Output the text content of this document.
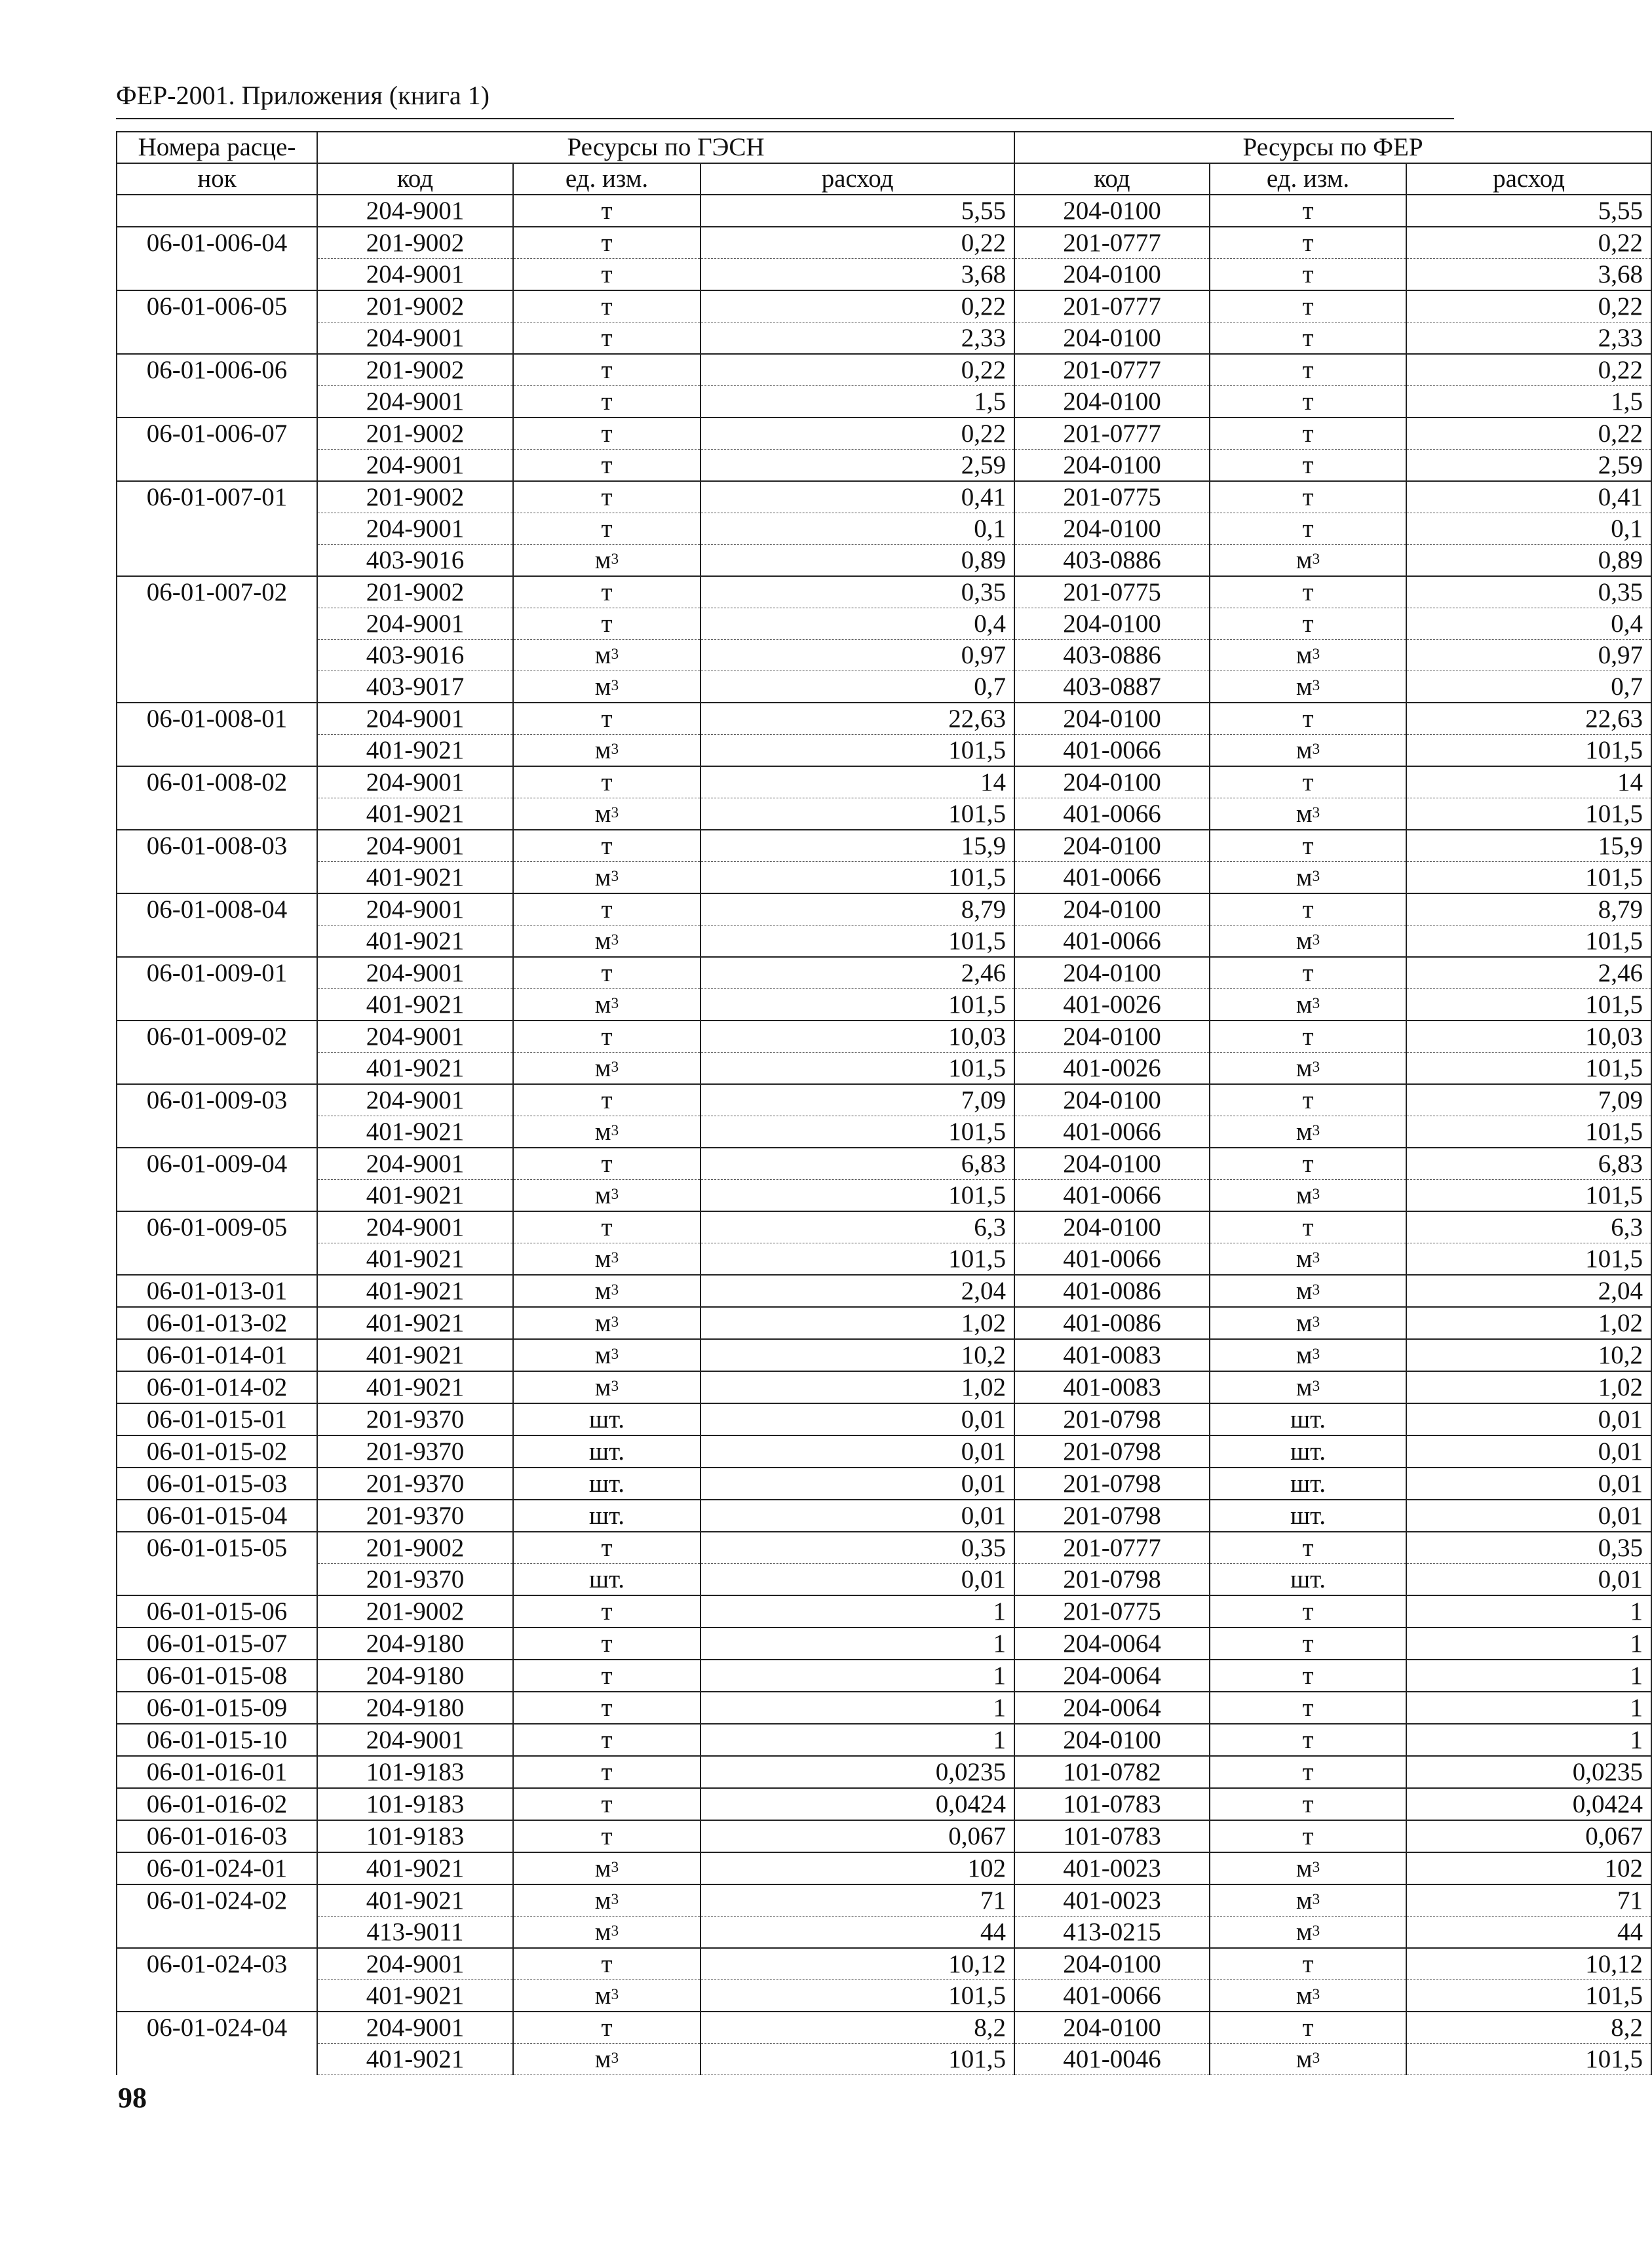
ФЕР-2001. Приложения (книга 1)
Номера расце-	Ресурсы по ГЭСН			Ресурсы по ФЕР		
нок	код	ед. изм.	расход	код	ед. изм.	расход
	204-9001	т	5,55	204-0100	т	5,55
06-01-006-04	201-9002	т	0,22	201-0777	т	0,22
	204-9001	т	3,68	204-0100	т	3,68
06-01-006-05	201-9002	т	0,22	201-0777	т	0,22
	204-9001	т	2,33	204-0100	т	2,33
06-01-006-06	201-9002	т	0,22	201-0777	т	0,22
	204-9001	т	1,5	204-0100	т	1,5
06-01-006-07	201-9002	т	0,22	201-0777	т	0,22
	204-9001	т	2,59	204-0100	т	2,59
06-01-007-01	201-9002	т	0,41	201-0775	т	0,41
	204-9001	т	0,1	204-0100	т	0,1
	403-9016	$м^3$	0,89	403-0886	$м^3$	0,89
06-01-007-02	201-9002	т	0,35	201-0775	т	0,35
	204-9001	т	0,4	204-0100	т	0,4
	403-9016	$м^3$	0,97	403-0886	$м^3$	0,97
	403-9017	$м^3$	0,7	403-0887	$м^3$	0,7
06-01-008-01	204-9001	т	22,63	204-0100	т	22,63
	401-9021	$м^3$	101,5	401-0066	$м^3$	101,5
06-01-008-02	204-9001	т	14	204-0100	т	14
	401-9021	$м^3$	101,5	401-0066	$м^3$	101,5
06-01-008-03	204-9001	т	15,9	204-0100	т	15,9
	401-9021	$м^3$	101,5	401-0066	$м^3$	101,5
06-01-008-04	204-9001	т	8,79	204-0100	т	8,79
	401-9021	$м^3$	101,5	401-0066	$м^3$	101,5
06-01-009-01	204-9001	т	2,46	204-0100	т	2,46
	401-9021	$м^3$	101,5	401-0026	$м^3$	101,5
06-01-009-02	204-9001	т	10,03	204-0100	т	10,03
	401-9021	$м^3$	101,5	401-0026	$м^3$	101,5
06-01-009-03	204-9001	т	7,09	204-0100	т	7,09
	401-9021	$м^3$	101,5	401-0066	$м^3$	101,5
06-01-009-04	204-9001	т	6,83	204-0100	т	6,83
	401-9021	$м^3$	101,5	401-0066	$м^3$	101,5
06-01-009-05	204-9001	т	6,3	204-0100	т	6,3
	401-9021	$м^3$	101,5	401-0066	$м^3$	101,5
06-01-013-01	401-9021	$м^3$	2,04	401-0086	$м^3$	2,04
06-01-013-02	401-9021	$м^3$	1,02	401-0086	$м^3$	1,02
06-01-014-01	401-9021	$м^3$	10,2	401-0083	$м^3$	10,2
06-01-014-02	401-9021	$м^3$	1,02	401-0083	$м^3$	1,02
06-01-015-01	201-9370	шт.	0,01	201-0798	шт.	0,01
06-01-015-02	201-9370	шт.	0,01	201-0798	шт.	0,01
06-01-015-03	201-9370	шт.	0,01	201-0798	шт.	0,01
06-01-015-04	201-9370	шт.	0,01	201-0798	шт.	0,01
06-01-015-05	201-9002	т	0,35	201-0777	т	0,35
	201-9370	шт.	0,01	201-0798	шт.	0,01
06-01-015-06	201-9002	т	1	201-0775	т	1
06-01-015-07	204-9180	т	1	204-0064	т	1
06-01-015-08	204-9180	т	1	204-0064	т	1
06-01-015-09	204-9180	т	1	204-0064	т	1
06-01-015-10	204-9001	т	1	204-0100	т	1
06-01-016-01	101-9183	т	0,0235	101-0782	т	0,0235
06-01-016-02	101-9183	т	0,0424	101-0783	т	0,0424
06-01-016-03	101-9183	т	0,067	101-0783	т	0,067
06-01-024-01	401-9021	$м^3$	102	401-0023	$м^3$	102
06-01-024-02	401-9021	$м^3$	71	401-0023	$м^3$	71
	413-9011	$м^3$	44	413-0215	$м^3$	44
06-01-024-03	204-9001	т	10,12	204-0100	т	10,12
	401-9021	$м^3$	101,5	401-0066	$м^3$	101,5
06-01-024-04	204-9001	т	8,2	204-0100	т	8,2
	401-9021	$м^3$	101,5	401-0046	$м^3$	101,5
98
